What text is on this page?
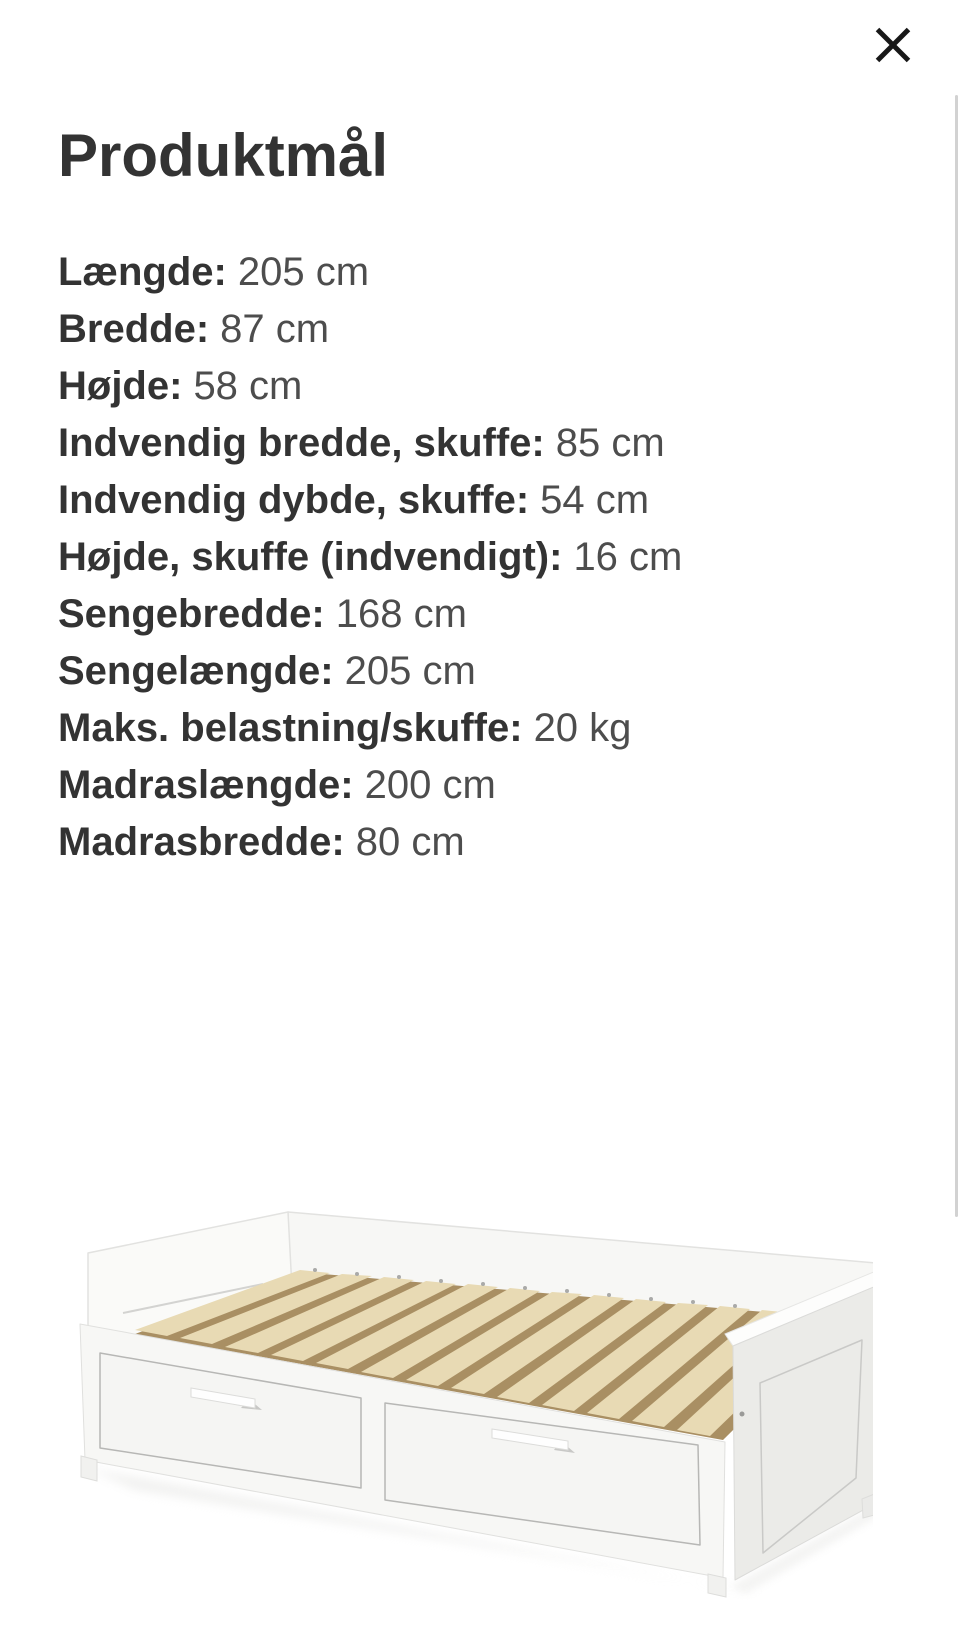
Produktmål

Længde: 205 cm

Bredde: 87 cm

Højde: 58 cm

Indvendig bredde, skuffe: 85 cm

Indvendig dybde, skuffe: 54 cm

Højde, skuffe (indvendigt): 16 cm

Sengebredde: 168 cm

Sengelængde: 205 cm

Maks. belastning/skuffe: 20 kg

Madraslængde: 200 cm

Madrasbredde: 80 cm
